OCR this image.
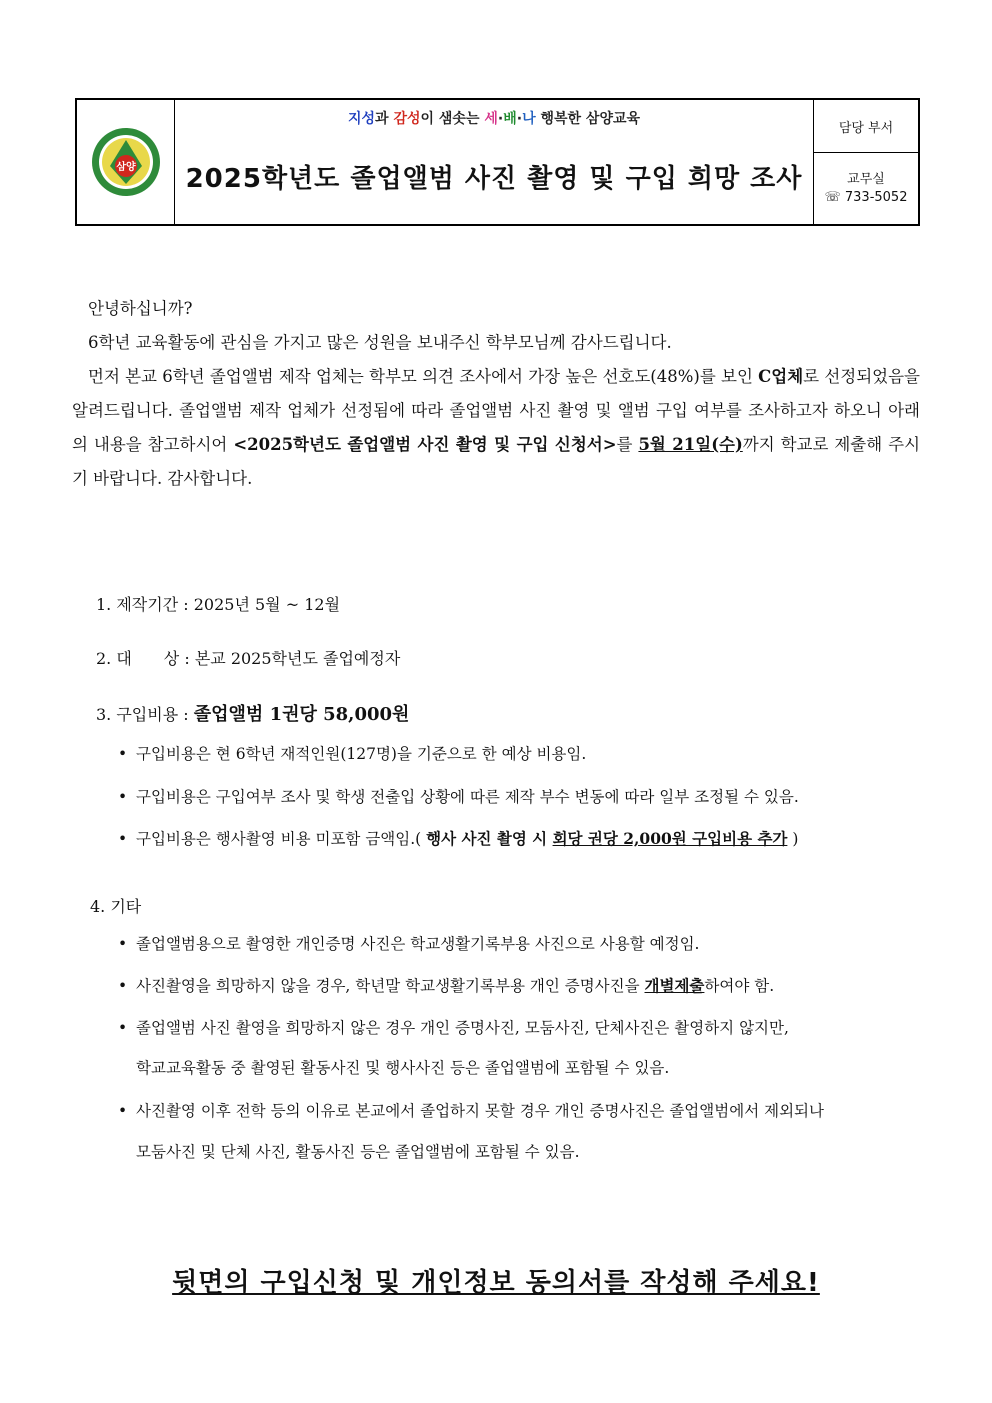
삼양
지성과 감성이 샘솟는 세·배·나 행복한 삼양교육
2025학년도 졸업앨범 사진 촬영 및 구입 희망 조사
담당 부서
교무실
☏ 733-5052
안녕하십니까?
6학년 교육활동에 관심을 가지고 많은 성원을 보내주신 학부모님께 감사드립니다.
먼저 본교 6학년 졸업앨범 제작 업체는 학부모 의견 조사에서 가장 높은 선호도(48%)를 보인 C업체로 선정되었음을 알려드립니다. 졸업앨범 제작 업체가 선정됨에 따라 졸업앨범 사진 촬영 및 앨범 구입 여부를 조사하고자 하오니 아래의 내용을 참고하시어 <2025학년도 졸업앨범 사진 촬영 및 구입 신청서>를 5월 21일(수)까지 학교로 제출해 주시기 바랍니다. 감사합니다.
1. 제작기간 : 2025년 5월 ~ 12월
2. 대　　상 : 본교 2025학년도 졸업예정자
3. 구입비용 : 졸업앨범 1권당 58,000원
• 구입비용은 현 6학년 재적인원(127명)을 기준으로 한 예상 비용임.
• 구입비용은 구입여부 조사 및 학생 전출입 상황에 따른 제작 부수 변동에 따라 일부 조정될 수 있음.
• 구입비용은 행사촬영 비용 미포함 금액임.( 행사 사진 촬영 시 회당 권당 2,000원 구입비용 추가 )
4. 기타
• 졸업앨범용으로 촬영한 개인증명 사진은 학교생활기록부용 사진으로 사용할 예정임.
• 사진촬영을 희망하지 않을 경우, 학년말 학교생활기록부용 개인 증명사진을 개별제출하여야 함.
• 졸업앨범 사진 촬영을 희망하지 않은 경우 개인 증명사진, 모둠사진, 단체사진은 촬영하지 않지만,
학교교육활동 중 촬영된 활동사진 및 행사사진 등은 졸업앨범에 포함될 수 있음.
• 사진촬영 이후 전학 등의 이유로 본교에서 졸업하지 못할 경우 개인 증명사진은 졸업앨범에서 제외되나
모둠사진 및 단체 사진, 활동사진 등은 졸업앨범에 포함될 수 있음.
뒷면의 구입신청 및 개인정보 동의서를 작성해 주세요!
